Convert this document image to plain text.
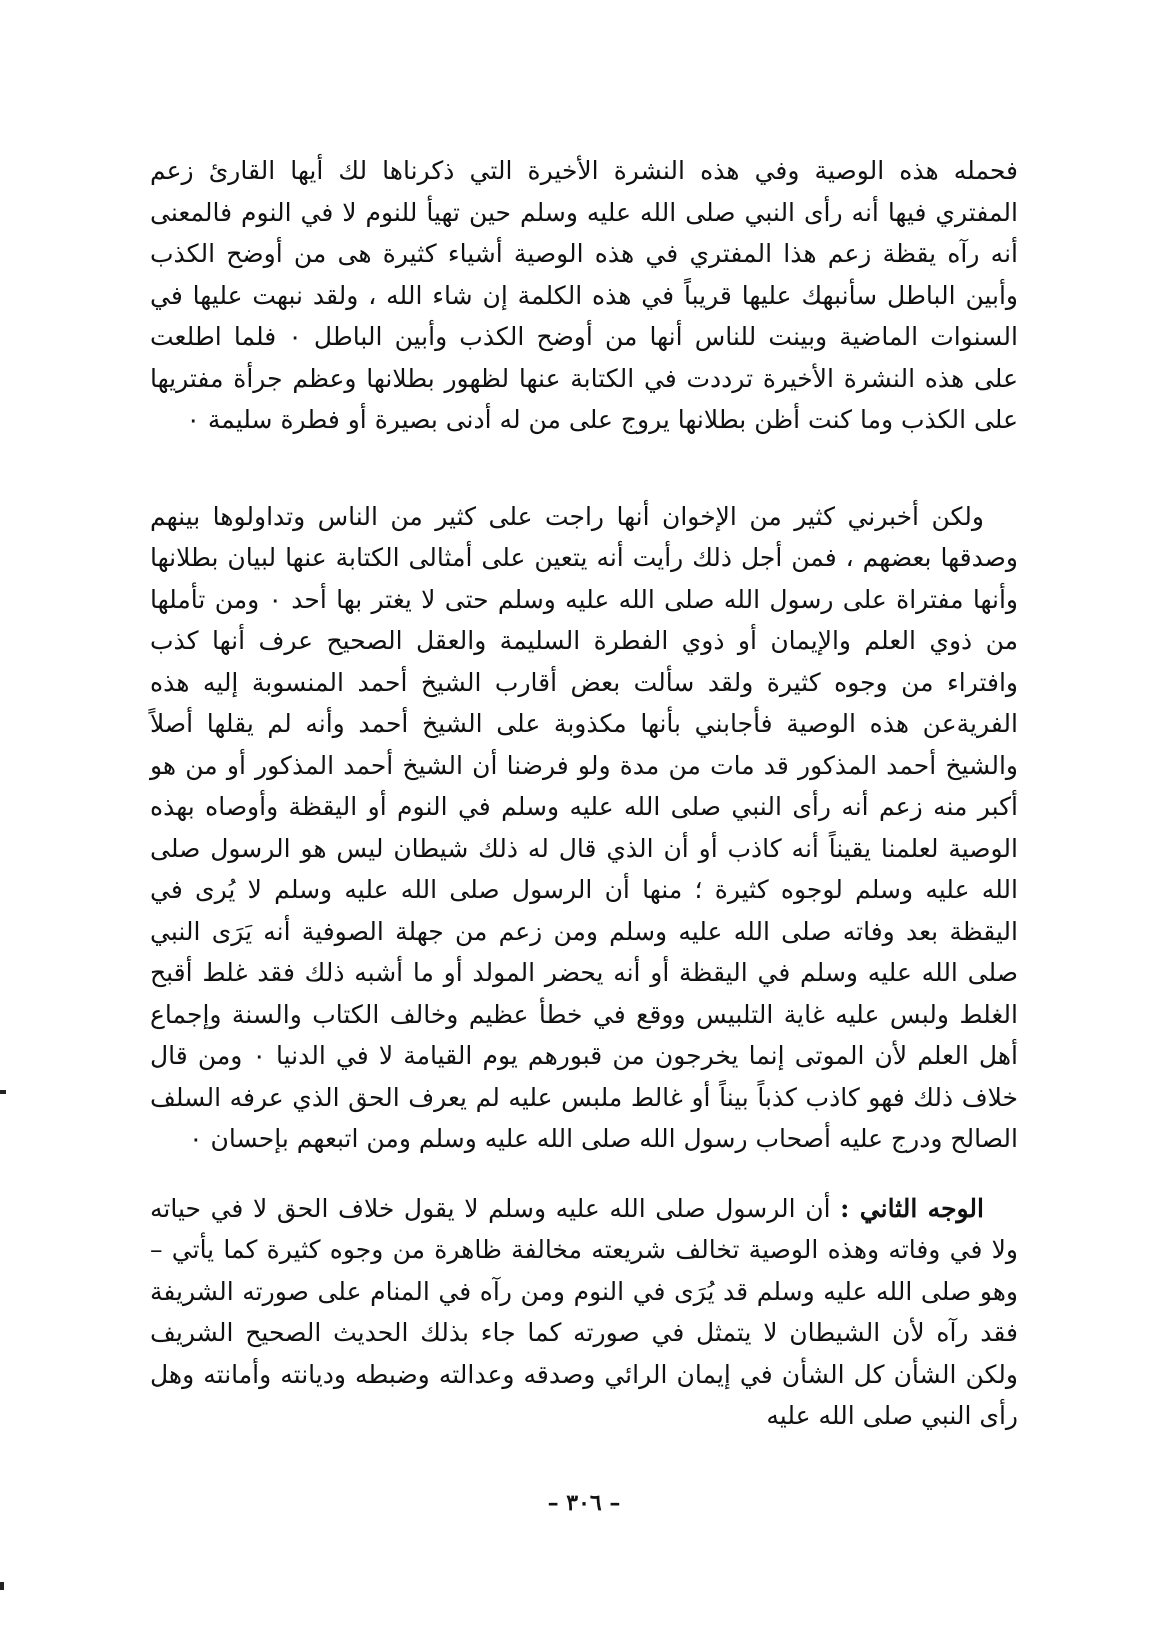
فحمله هذه الوصية وفي هذه النشرة الأخيرة التي ذكرناها لك أيها القارئ زعم المفتري فيها أنه رأى النبي صلى الله عليه وسلم حين تهيأ للنوم لا في النوم فالمعنى أنه رآه يقظة زعم هذا المفتري في هذه الوصية أشياء كثيرة هى من أوضح الكذب وأبين الباطل سأنبهك عليها قريباً في هذه الكلمة إن شاء الله ، ولقد نبهت عليها في السنوات الماضية وبينت للناس أنها من أوضح الكذب وأبين الباطل ٠ فلما اطلعت على هذه النشرة الأخيرة ترددت في الكتابة عنها لظهور بطلانها وعظم جرأة مفتريها على الكذب وما كنت أظن بطلانها يروج على من له أدنى بصيرة أو فطرة سليمة ٠

ولكن أخبرني كثير من الإخوان أنها راجت على كثير من الناس وتداولوها بينهم وصدقها بعضهم ، فمن أجل ذلك رأيت أنه يتعين على أمثالى الكتابة عنها لبيان بطلانها وأنها مفتراة على رسول الله صلى الله عليه وسلم حتى لا يغتر بها أحد ٠ ومن تأملها من ذوي العلم والإيمان أو ذوي الفطرة السليمة والعقل الصحيح عرف أنها كذب وافتراء من وجوه كثيرة ولقد سألت بعض أقارب الشيخ أحمد المنسوبة إليه هذه الفريةعن هذه الوصية فأجابني بأنها مكذوبة على الشيخ أحمد وأنه لم يقلها أصلاً والشيخ أحمد المذكور قد مات من مدة ولو فرضنا أن الشيخ أحمد المذكور أو من هو أكبر منه زعم أنه رأى النبي صلى الله عليه وسلم في النوم أو اليقظة وأوصاه بهذه الوصية لعلمنا يقيناً أنه كاذب أو أن الذي قال له ذلك شيطان ليس هو الرسول صلى الله عليه وسلم لوجوه كثيرة ؛ منها أن الرسول صلى الله عليه وسلم لا يُرى في اليقظة بعد وفاته صلى الله عليه وسلم ومن زعم من جهلة الصوفية أنه يَرَى النبي صلى الله عليه وسلم في اليقظة أو أنه يحضر المولد أو ما أشبه ذلك فقد غلط أقبح الغلط ولبس عليه غاية التلبيس ووقع في خطأ عظيم وخالف الكتاب والسنة وإجماع أهل العلم لأن الموتى إنما يخرجون من قبورهم يوم القيامة لا في الدنيا ٠ ومن قال خلاف ذلك فهو كاذب كذباً بيناً أو غالط ملبس عليه لم يعرف الحق الذي عرفه السلف الصالح ودرج عليه أصحاب رسول الله صلى الله عليه وسلم ومن اتبعهم بإحسان ٠

الوجه الثاني : أن الرسول صلى الله عليه وسلم لا يقول خلاف الحق لا في حياته ولا في وفاته وهذه الوصية تخالف شريعته مخالفة ظاهرة من وجوه كثيرة كما يأتي – وهو صلى الله عليه وسلم قد يُرَى في النوم ومن رآه في المنام على صورته الشريفة فقد رآه لأن الشيطان لا يتمثل في صورته كما جاء بذلك الحديث الصحيح الشريف ولكن الشأن كل الشأن في إيمان الرائي وصدقه وعدالته وضبطه وديانته وأمانته وهل رأى النبي صلى الله عليه

– ٣٠٦ –
